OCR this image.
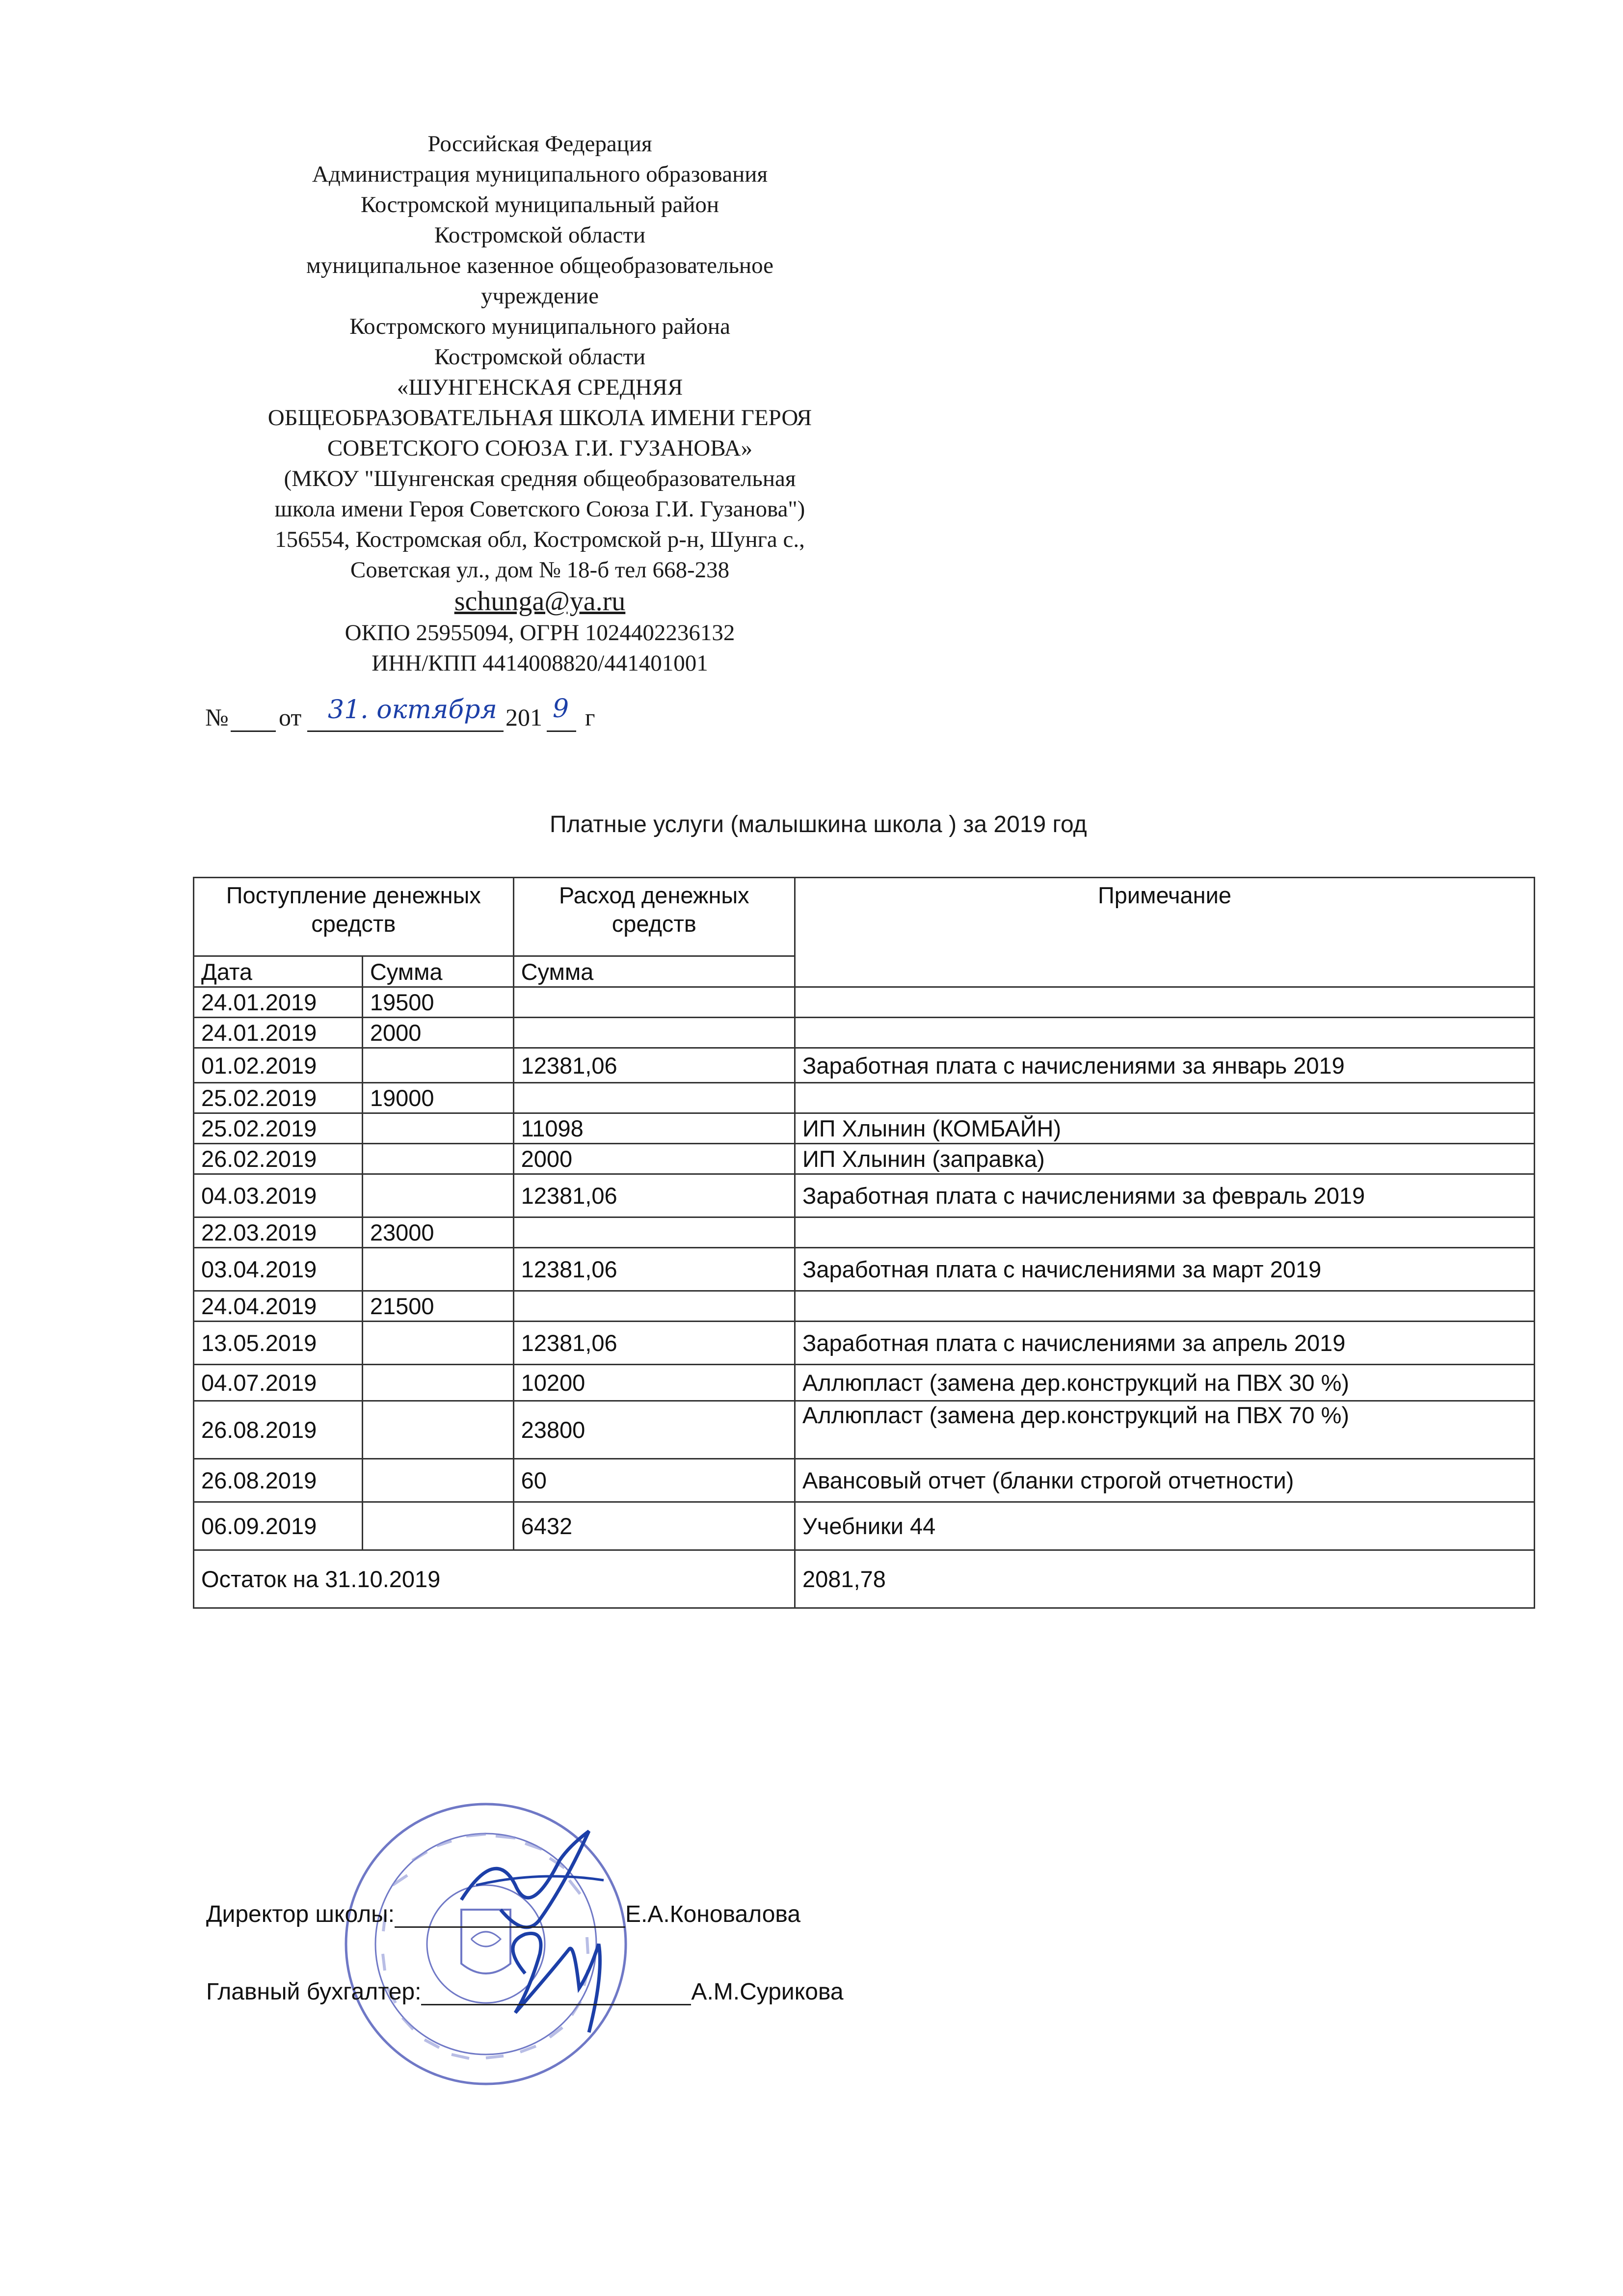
Российская Федерация
Администрация муниципального образования
Костромской муниципальный район
Костромской области
муниципальное казенное общеобразовательное
учреждение
Костромского муниципального района
Костромской области
«ШУНГЕНСКАЯ СРЕДНЯЯ
ОБЩЕОБРАЗОВАТЕЛЬНАЯ ШКОЛА ИМЕНИ ГЕРОЯ
СОВЕТСКОГО СОЮЗА Г.И. ГУЗАНОВА»
(МКОУ "Шунгенская средняя общеобразовательная
школа имени Героя Советского Союза Г.И. Гузанова")
156554, Костромская обл, Костромской р-н, Шунга с.,
Советская ул., дом № 18-б тел 668-238
schunga@ya.ru
ОКПО 25955094, ОГРН 1024402236132
ИНН/КПП 4414008820/441401001
№ от 31. октября 201 9 г
Платные услуги (малышкина школа ) за 2019 год
Поступление денежных средств		Расход денежных средств	Примечание
Дата	Сумма	Сумма	
24.01.2019	19500		
24.01.2019	2000		
01.02.2019		12381,06	Заработная плата с начислениями за январь 2019
25.02.2019	19000		
25.02.2019		11098	ИП Хлынин (КОМБАЙН)
26.02.2019		2000	ИП Хлынин (заправка)
04.03.2019		12381,06	Заработная плата с начислениями за февраль 2019
22.03.2019	23000		
03.04.2019		12381,06	Заработная плата с начислениями за март 2019
24.04.2019	21500		
13.05.2019		12381,06	Заработная плата с начислениями за апрель 2019
04.07.2019		10200	Аллюпласт (замена дер.конструкций на ПВХ 30 %)
26.08.2019		23800	Аллюпласт (замена дер.конструкций на ПВХ 70 %)
26.08.2019		60	Авансовый отчет (бланки строгой отчетности)
06.09.2019		6432	Учебники 44
Остаток на 31.10.2019			2081,78
Директор школы:	Е.А.Коновалова
Главный бухгалтер:	А.М.Сурикова
